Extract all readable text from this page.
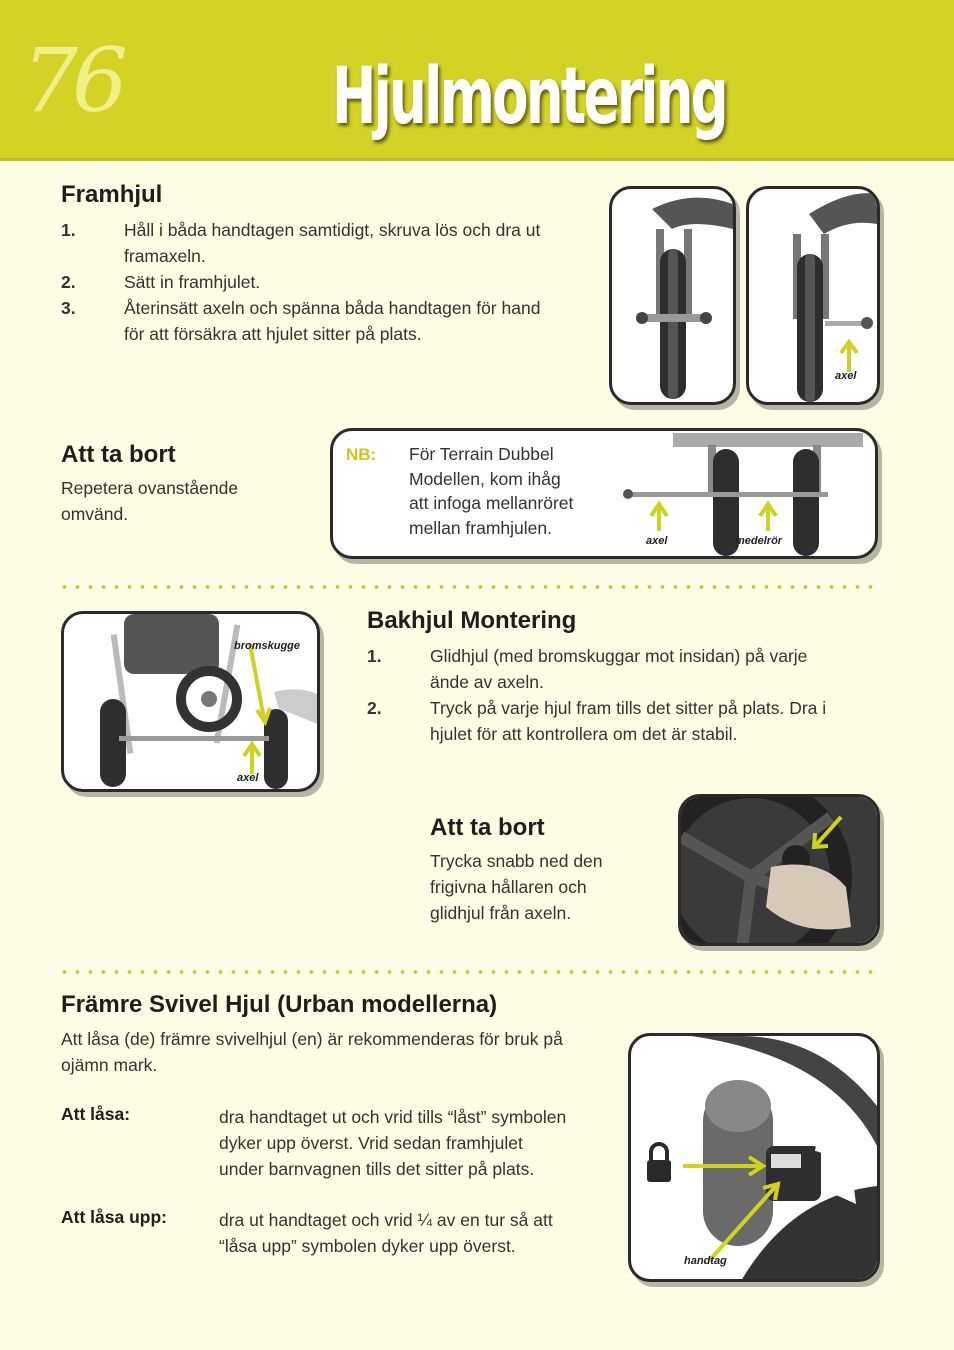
76	Hjulmontering
Framhjul
1.	Håll i båda handtagen samtidigt, skruva lös och dra ut
framaxeln.
2.	Sätt in framhjulet.
3.	Återinsätt axeln och spänna båda handtagen för hand
för att försäkra att hjulet sitter på plats.
axel
Att ta bort
Repetera ovanstående
omvänd.
NB: För Terrain Dubbel
Modellen, kom ihåg
att infoga mellanröret
mellan framhjulen.
axel	medelrör
bromskugge
axel
Bakhjul Montering
1.	Glidhjul (med bromskuggar mot insidan) på varje
ände av axeln.
2.	Tryck på varje hjul fram tills det sitter på plats. Dra i
hjulet för att kontrollera om det är stabil.
Att ta bort
Trycka snabb ned den
frigivna hållaren och
glidhjul från axeln.
Främre Svivel Hjul (Urban modellerna)
Att låsa (de) främre svivelhjul (en) är rekommenderas för bruk på
ojämn mark.
Att låsa:	dra handtaget ut och vrid tills “låst” symbolen
dyker upp överst. Vrid sedan framhjulet
under barnvagnen tills det sitter på plats.
Att låsa upp:	dra ut handtaget och vrid ¼ av en tur så att
“låsa upp” symbolen dyker upp överst.
handtag
